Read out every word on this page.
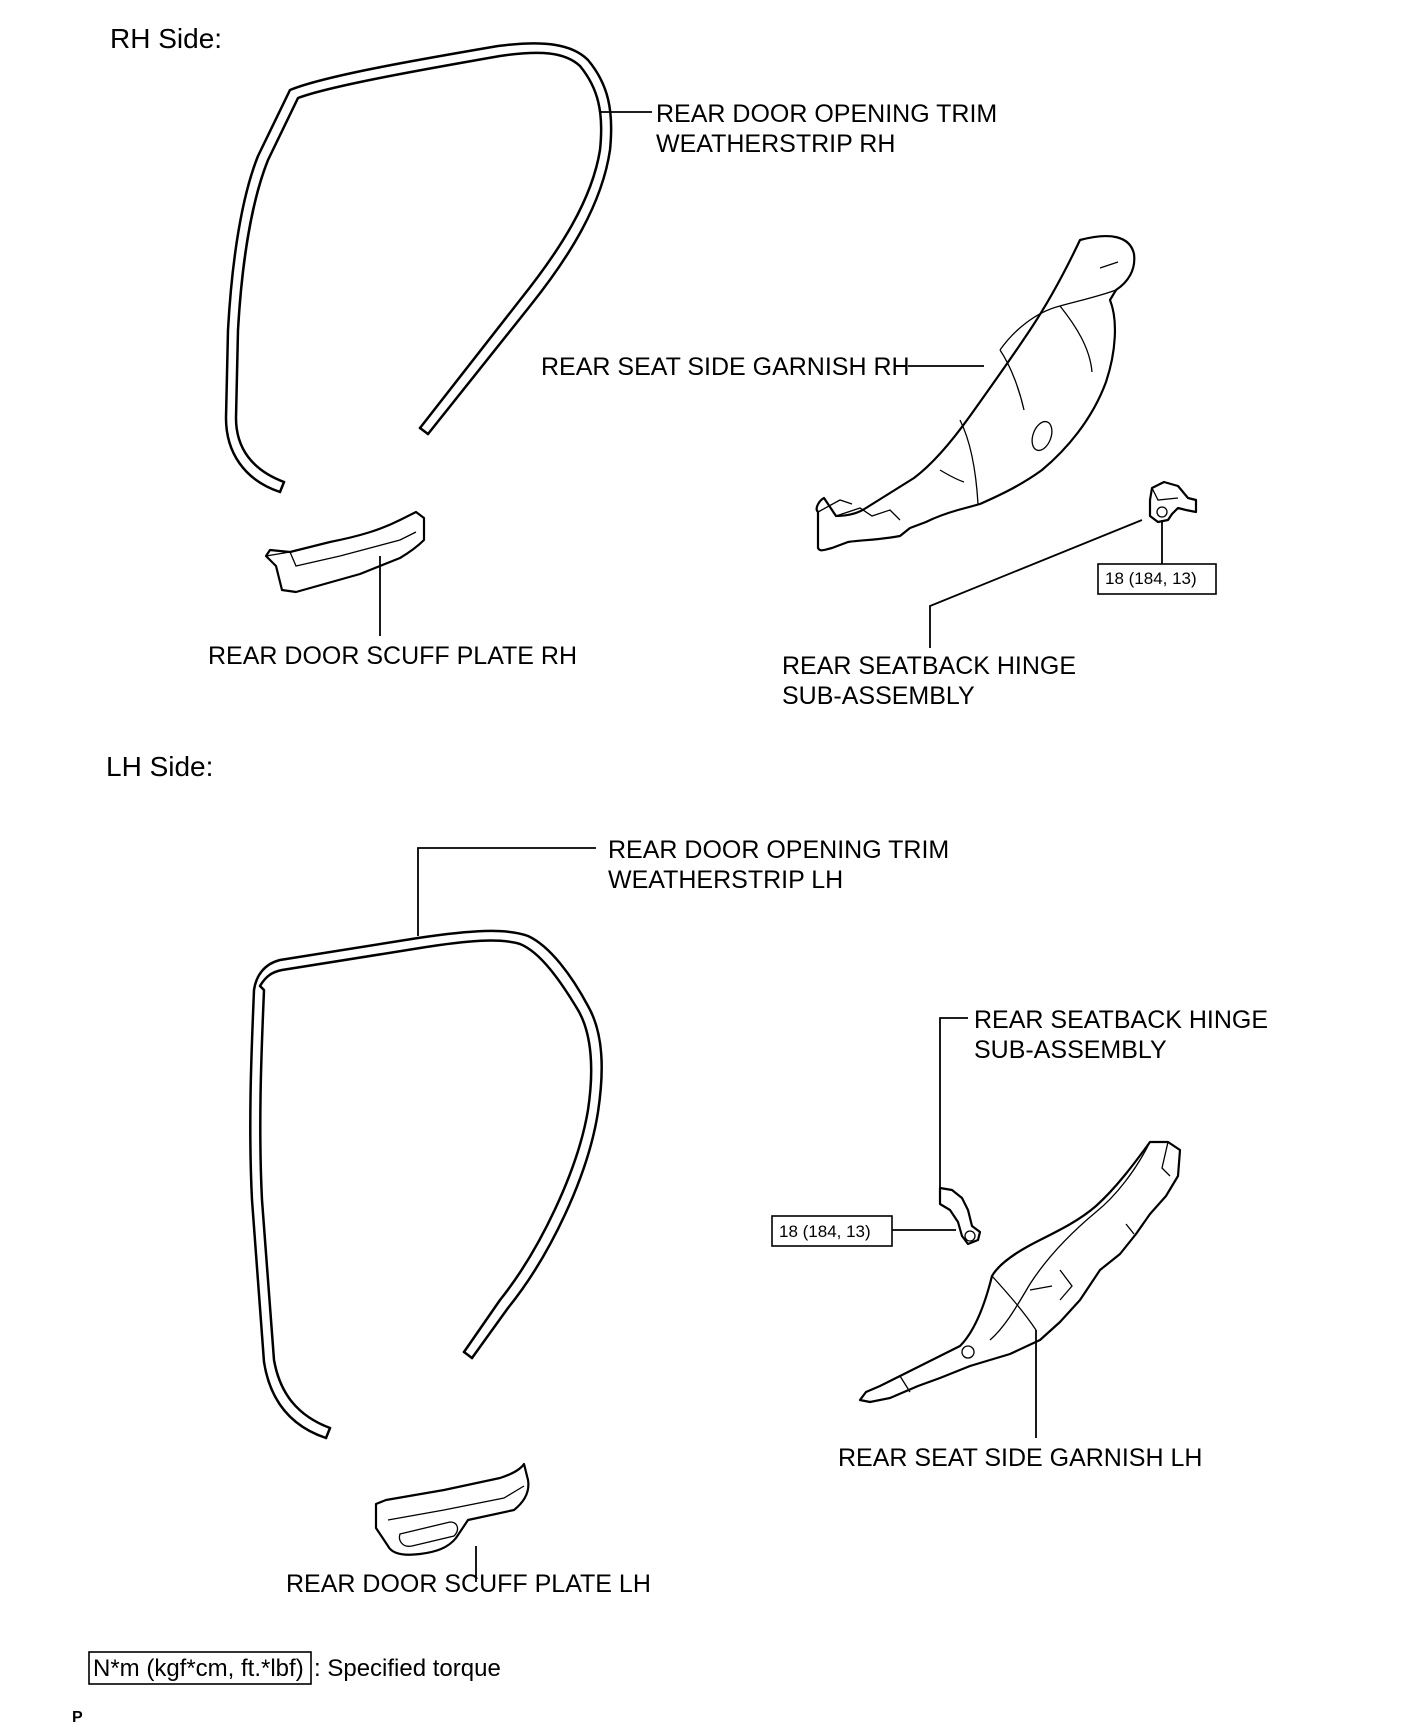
RH Side:
REAR DOOR OPENING TRIM
WEATHERSTRIP RH
REAR SEAT SIDE GARNISH RH
18 (184, 13)
REAR SEATBACK HINGE
SUB-ASSEMBLY
REAR DOOR SCUFF PLATE RH
LH Side:
REAR DOOR OPENING TRIM
WEATHERSTRIP LH
REAR SEATBACK HINGE
SUB-ASSEMBLY
18 (184, 13)
REAR SEAT SIDE GARNISH LH
REAR DOOR SCUFF PLATE LH
N*m (kgf*cm, ft.*lbf) : Specified torque
P
